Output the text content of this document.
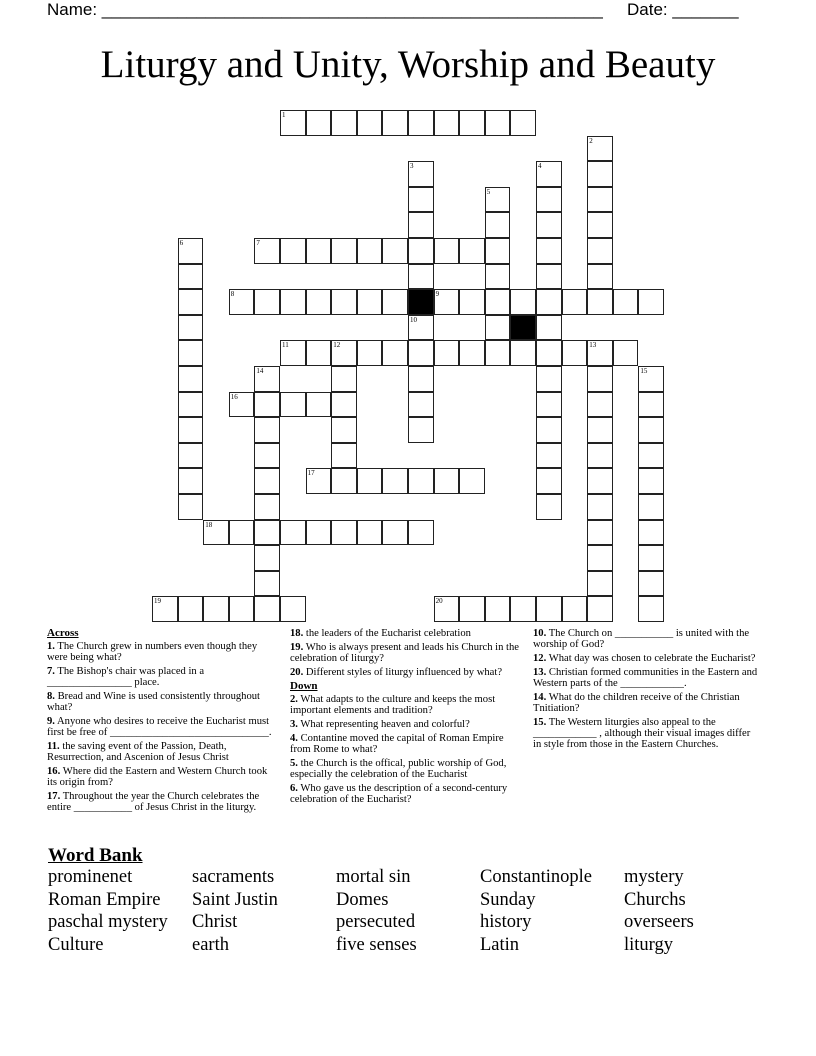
Name: _____________________________________________________ Date: _______
Liturgy and Unity, Worship and Beauty
1
2
3	4
5
6	7
8	9
10
11	12	13
14	15
16
17
18
19	20
Across
1. The Church grew in numbers even though they were being what?
7. The Bishop's chair was placed in a ________________ place.
8. Bread and Wine is used consistently throughout what?
9. Anyone who desires to receive the Eucharist must first be free of ______________________________.
11. the saving event of the Passion, Death, Resurrection, and Ascenion of Jesus Christ
16. Where did the Eastern and Western Church took its origin from?
17. Throughout the year the Church celebrates the entire ___________ of Jesus Christ in the liturgy.
18. the leaders of the Eucharist celebration
19. Who is always present and leads his Church in the celebration of liturgy?
20. Different styles of liturgy influenced by what?
Down
2. What adapts to the culture and keeps the most important elements and tradition?
3. What representing heaven and colorful?
4. Contantine moved the capital of Roman Empire from Rome to what?
5. the Church is the offical, public worship of God, especially the celebration of the Eucharist
6. Who gave us the description of a second-century celebration of the Eucharist?
10. The Church on ___________ is united with the worship of God?
12. What day was chosen to celebrate the Eucharist?
13. Christian formed communities in the Eastern and Western parts of the ____________.
14. What do the children receive of the Christian Tnitiation?
15. The Western liturgies also appeal to the ____________ , although their visual images differ in style from those in the Eastern Churches.
Word Bank
prominenet	sacraments	mortal sin	Constantinople	mystery
Roman Empire	Saint Justin	Domes	Sunday	Churchs
paschal mystery	Christ	persecuted	history	overseers
Culture	earth	five senses	Latin	liturgy
